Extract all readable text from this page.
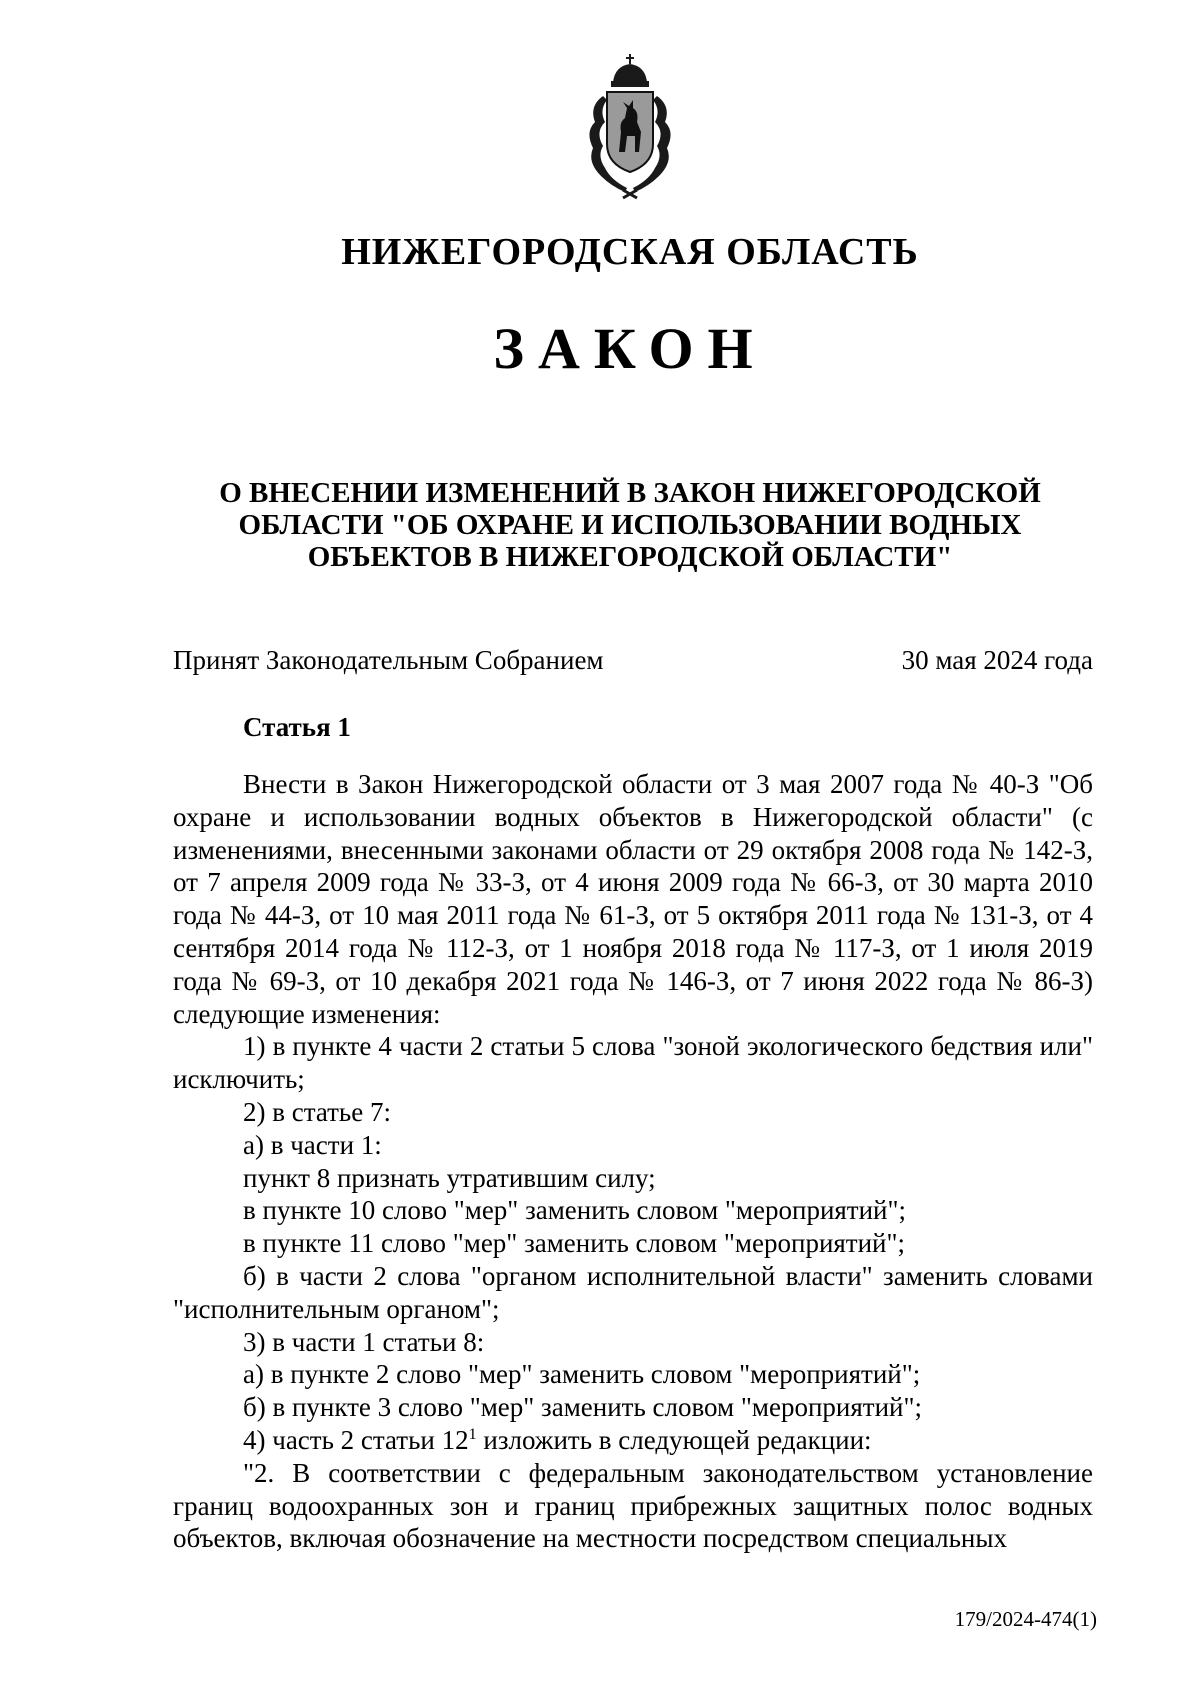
НИЖЕГОРОДСКАЯ ОБЛАСТЬ
ЗАКОН
О ВНЕСЕНИИ ИЗМЕНЕНИЙ В ЗАКОН НИЖЕГОРОДСКОЙ
ОБЛАСТИ "ОБ ОХРАНЕ И ИСПОЛЬЗОВАНИИ ВОДНЫХ
ОБЪЕКТОВ В НИЖЕГОРОДСКОЙ ОБЛАСТИ"
Принят Законодательным Собранием	30 мая 2024 года
Статья 1

Внести в Закон Нижегородской области от 3 мая 2007 года № 40-З "Об охране и использовании водных объектов в Нижегородской области" (с изменениями, внесенными законами области от 29 октября 2008 года № 142-З, от 7 апреля 2009 года № 33-З, от 4 июня 2009 года № 66-З, от 30 марта 2010 года № 44-З, от 10 мая 2011 года № 61-З, от 5 октября 2011 года № 131-З, от 4 сентября 2014 года № 112-З, от 1 ноября 2018 года № 117-З, от 1 июля 2019 года № 69-З, от 10 декабря 2021 года № 146-З, от 7 июня 2022 года № 86-З) следующие изменения:

1) в пункте 4 части 2 статьи 5 слова "зоной экологического бедствия или" исключить;

2) в статье 7:

а) в части 1:

пункт 8 признать утратившим силу;

в пункте 10 слово "мер" заменить словом "мероприятий";

в пункте 11 слово "мер" заменить словом "мероприятий";

б) в части 2 слова "органом исполнительной власти" заменить словами "исполнительным органом";

3) в части 1 статьи 8:

а) в пункте 2 слово "мер" заменить словом "мероприятий";

б) в пункте 3 слово "мер" заменить словом "мероприятий";

4) часть 2 статьи $12^1$ изложить в следующей редакции:

"2. В соответствии с федеральным законодательством установление границ водоохранных зон и границ прибрежных защитных полос водных объектов, включая обозначение на местности посредством специальных

179/2024-474(1)
